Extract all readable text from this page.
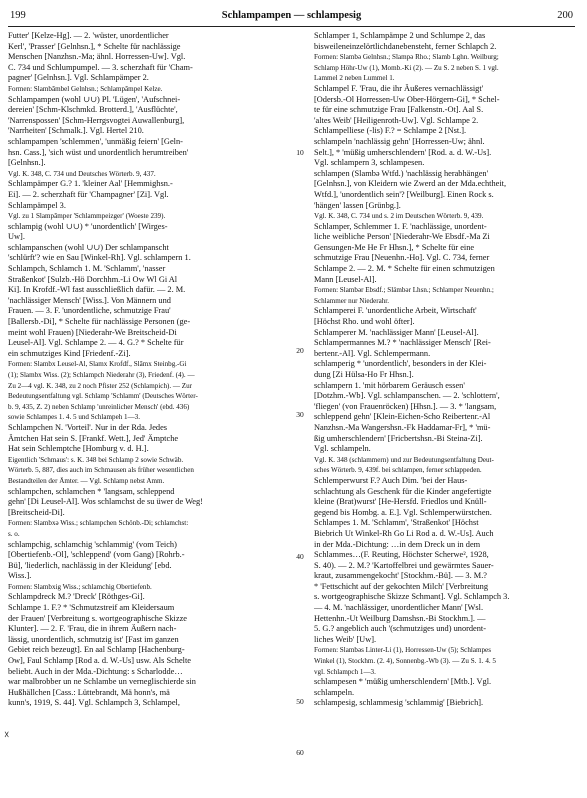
199	Schlampampen — schlampesig	200
Futter' [Kelze-Hg]. — 2. 'wüster, unordentlicher
Kerl', 'Prasser' [Gelnhsn.], * Schelte für nachlässige
Menschen [Nanzhsn.-Ma; ähnl. Horressen-Uw]. Vgl.
C. 734 und Schlumpumpel. — 3. scherzhaft für 'Cham-
pagner' [Gelnhsn.]. Vgl. Schlampämper 2.
Formen: Slambāmbel Gelnhsn.; Schlampāmpel Kelze.
Schlampampen (wohl ∪∪) Pl. 'Lügen', 'Aufschnei-
dereien' [Schm-Klschmkd. Brotterd.], 'Ausflüchte',
'Narrenspossen' [Schm-Herrgsvogtei Auwallenburg],
'Narrheiten' [Schmalk.]. Vgl. Hertel 210.
schlampampen 'schlemmen', 'unmäßig feiern' [Geln-
hsn. Cass.], 'sich wüst und unordentlich herumtreiben'
[Gelnhsn.].
Vgl. K. 348, C. 734 und Deutsches Wörterb. 9, 437.
Schlampämper G.? 1. 'kleiner Aal' [Hemmighsn.-
Ei]. — 2. scherzhaft für 'Champagner' [Zi]. Vgl.
Schlampämpel 3.
Vgl. zu 1 Slampāmper 'Schlammpeizger' (Woeste 239).
schlampig (wohl ∪∪) * 'unordentlich' [Wirges-
Uw].
schlampanschen (wohl ∪∪) Der schlampanscht
'schlürft'? wie en Sau [Winkel-Rh]. Vgl. schlampern 1.
Schlampch, Schlamch 1. M. 'Schlamm', 'nasser
Straßenkot' [Sulzb.-Hö Dorchhm.-Li Ow Wl Gi Al
Ki]. In Krofdf.-Wl fast ausschließlich dafür. — 2. M.
'nachlässiger Mensch' [Wiss.]. Von Männern und
Frauen. — 3. F. 'unordentliche, schmutzige Frau'
[Ballersb.-Di], * Schelte für nachlässige Personen (ge-
meint wohl Frauen) [Niederahr-We Breitscheid-Di
Leusel-Al]. Vgl. Schlampe 2. — 4. G.? * Schelte für
ein schmutziges Kind [Friedenf.-Zi].
Formen: Slambx Leusel-Al, Slamx Krofdf., Slāmx Steinbg.-Gi
(1); Slambx Wiss. (2); Schlampch Niederahr (3), Friedenf. (4). —
Zu 2—4 vgl. K. 348, zu 2 noch Pfister 252 (Schlampich). — Zur
Bedeutungsentfaltung vgl. Schlamp 'Schlamm' (Deutsches Wörter-
b. 9, 435, Z. 2) neben Schlamp 'unreinlicher Mensch' (ebd. 436)
sowie Schlampes 1. 4. 5 und Schlampeh 1—3.
Schlampchen N. 'Vorteil'. Nur in der Rda. Jedes
Ämtchen Hat sein S. [Frankf. Wett.], Jed' Ämptche
Hat sein Schlemptche [Homburg v. d. H.].
Eigentlich 'Schmaus': s. K. 348 bei Schlamp 2 sowie Schwäb.
Wörterb. 5, 887, dies auch im Schmausen als früher wesentlichen
Bestandteilen der Ämter. — Vgl. Schlamp nebst Amm.
schlampchen, schlamchen * 'langsam, schleppend
gehn' [Di Leusel-Al]. Wos schlamchst de su üwer de Weg!
[Breitscheid-Di].
Formen: Slambxə Wiss.; schlampchen Schönb.-Di; schlamchst:
s. o.
schlampchig, schlamchig 'schlammig' (vom Teich)
[Obertiefenb.-Ol], 'schleppend' (vom Gang) [Rohrb.-
Bü], 'liederlich, nachlässig in der Kleidung' [ebd.
Wiss.].
Formen: Slambxig Wiss.; schlamchig Obertiefenb.
Schlampdreck M.? 'Dreck' [Röthges-Gi].
Schlampe 1. F.? * 'Schmutzstreif am Kleidersaum
der Frauen' [Verbreitung s. wortgeographische Skizze
Klunter]. — 2. F. 'Frau, die in ihrem Äußern nach-
lässig, unordentlich, schmutzig ist' [Fast im ganzen
Gebiet reich bezeugt]. En aal Schlamp [Hachenburg-
Ow], Faul Schlamp [Rod a. d. W.-Us] usw. Als Schelte
beliebt. Auch in der Mda.-Dichtung: s Scharlodde…
war malbrobber un ne Schlambe un verneglischierde sin
Hußhällchen [Cass.: Lüttebrandt, Mä honn's, mä
kunn's, 1919, S. 44]. Vgl. Schlampch 3, Schlampel,
Schlamper 1, Schlampämpe 2 und Schlumpe 2, das
bisweileneinzelörtlichdanebensteht, ferner Schlapch 2.
Formen: Slambə Gelnhsn.; Slampə Rho.; Slamb Lghn. Weilburg;
Schlamp Höhr-Uw (1), Momb.-Ki (2). — Zu S. 2 neben S. 1 vgl.
Lammel 2 neben Lummel 1.
Schlampel F. 'Frau, die ihr Äußeres vernachlässigt'
[Odersb.-Ol Horressen-Uw Ober-Hörgern-Gi], * Schel-
te für eine schmutzige Frau [Falkenstn.-Ot]. Aal S.
'altes Weib' [Heiligenroth-Uw]. Vgl. Schlampe 2.
Schlampelliese (-lis) F.? = Schlampe 2 [Nst.].
schlampeln 'nachlässig gehn' [Horressen-Uw; ähnl.
Selt.], * 'müßig umherschlendern' [Rod. a. d. W.-Us].
Vgl. schlampern 3, schlampesen.
schlampen (Slambə Wtfd.) 'nachlässig herabhängen'
[Gelnhsn.], von Kleidern wie Zwerd an der Mda.echtheit,
Wtfd.], 'unordentlich sein'? [Weilburg]. Einen Rock s.
'hängen' lassen [Grünbg.].
Vgl. K. 348, C. 734 und s. 2 im Deutschen Wörterb. 9, 439.
Schlamper, Schlemmer 1. F. 'nachlässige, unordent-
liche weibliche Person' [Niederahr-We Ebsdf.-Ma Zi
Gensungen-Me He Fr Hhsn.], * Schelte für eine
schmutzige Frau [Neuenhn.-Ho]. Vgl. C. 734, ferner
Schlampe 2. — 2. M. * Schelte für einen schmutzigen
Mann [Leusel-Al].
Formen: Slambər Ebsdf.; Slämbər Lhsn.; Schlamper Neuenhn.;
Schlammer nur Niederahr.
Schlamperei F. 'unordentliche Arbeit, Wirtschaft'
[Höchst Rho. und wohl öfter].
Schlamperer M. 'nachlässiger Mann' [Leusel-Al].
Schlampermannes M.? * 'nachlässiger Mensch' [Rei-
bertenr.-Al]. Vgl. Schlempermann.
schlamperig * 'unordentlich', besonders in der Klei-
dung [Zi Hülsa-Ho Fr Hhsn.].
schlampern 1. 'mit hörbarem Geräusch essen'
[Dotzhm.-Wb]. Vgl. schlampanschen. — 2. 'schlottern',
'fliegen' (von Frauenröcken) [Hhsn.]. — 3. * 'langsam,
schleppend gehn' [Klein-Eichen-Scho Reibertenr.-Al
Nanzhsn.-Ma Wangershsn.-Fk Haddamar-Fr], * 'mü-
ßig umherschlendern' [Fricbertshsn.-Bi Steina-Zi].
Vgl. schlampeln.
Vgl. K. 348 (schlammern) und zur Bedeutungsentfaltung Deut-
sches Wörterb. 9, 439f. bei schlampen, ferner schlappeden.
Schlemperwurst F.? Auch Dim. 'bei der Haus-
schlachtung als Geschenk für die Kinder angefertigte
kleine (Brat)wurst' [He-Hersfd. Friedlos und Knüll-
gegend bis Hombg. a. E.]. Vgl. Schlemperwürstchen.
Schlampes 1. M. 'Schlamm', 'Straßenkot' [Höchst
Biebrich Ut Winkel-Rh Go Li Rod a. d. W.-Us]. Auch
in der Mda.-Dichtung: …in dem Dreck un in dem
Schlammes…(F. Reuting, Höchster Scherwe², 1928,
S. 40). — 2. M.? 'Kartoffelbrei und gewärmtes Sauer-
kraut, zusammengekocht' [Stockhm.-Bü]. — 3. M.?
* 'Fettschicht auf der gekochten Milch' [Verbreitung
s. wortgeographische Skizze Schmant]. Vgl. Schlampch 3.
— 4. M. 'nachlässiger, unordentlicher Mann' [Wsl.
Hettenhn.-Ut Weilburg Damshsn.-Bi Stockhm.]. —
5. G.? angeblich auch '(schmutziges und) unordent-
liches Weib' [Uw].
Formen: Slambəs Linter-Li (1), Horressen-Uw (5); Schlampes
Winkel (1), Stockhm. (2. 4), Sonnenbg.-Wb (3). — Zu S. 1. 4. 5
vgl. Schlampch 1—3.
schlampesen * 'müßig umherschlendern' [Mtb.]. Vgl.
schlampeln.
schlampesig, schlammesig 'schlammig' [Biebrich].
10
20
30
40
50
60
☓
